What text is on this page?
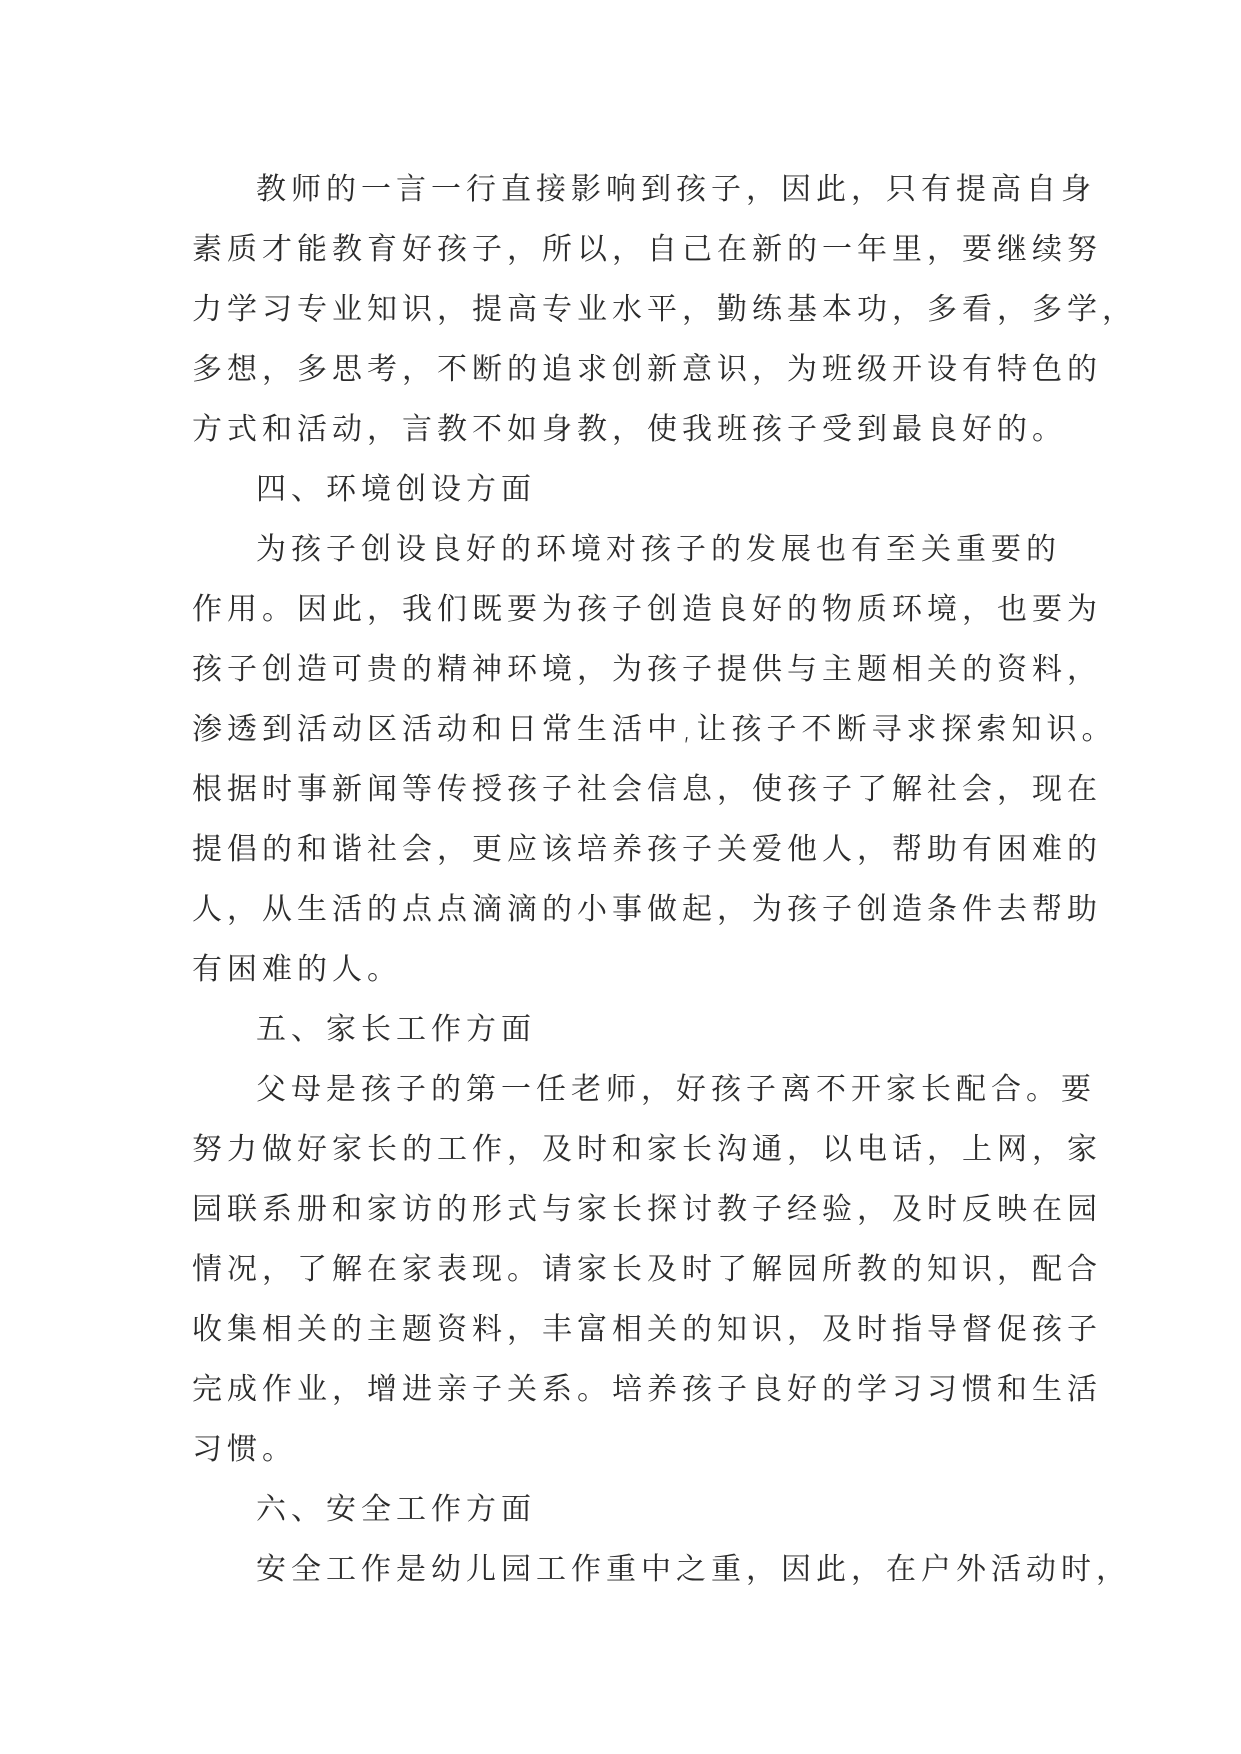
教师的一言一行直接影响到孩子，因此，只有提高自身
素质才能教育好孩子，所以，自己在新的一年里，要继续努
力学习专业知识，提高专业水平，勤练基本功，多看，多学，
多想，多思考，不断的追求创新意识，为班级开设有特色的
方式和活动，言教不如身教，使我班孩子受到最良好的。
四、环境创设方面
为孩子创设良好的环境对孩子的发展也有至关重要的
作用。因此，我们既要为孩子创造良好的物质环境，也要为
孩子创造可贵的精神环境，为孩子提供与主题相关的资料，
渗透到活动区活动和日常生活中,让孩子不断寻求探索知识。
根据时事新闻等传授孩子社会信息，使孩子了解社会，现在
提倡的和谐社会，更应该培养孩子关爱他人，帮助有困难的
人，从生活的点点滴滴的小事做起，为孩子创造条件去帮助
有困难的人。
五、家长工作方面
父母是孩子的第一任老师，好孩子离不开家长配合。要
努力做好家长的工作，及时和家长沟通，以电话，上网，家
园联系册和家访的形式与家长探讨教子经验，及时反映在园
情况，了解在家表现。请家长及时了解园所教的知识，配合
收集相关的主题资料，丰富相关的知识，及时指导督促孩子
完成作业，增进亲子关系。培养孩子良好的学习习惯和生活
习惯。
六、安全工作方面
安全工作是幼儿园工作重中之重，因此，在户外活动时，
